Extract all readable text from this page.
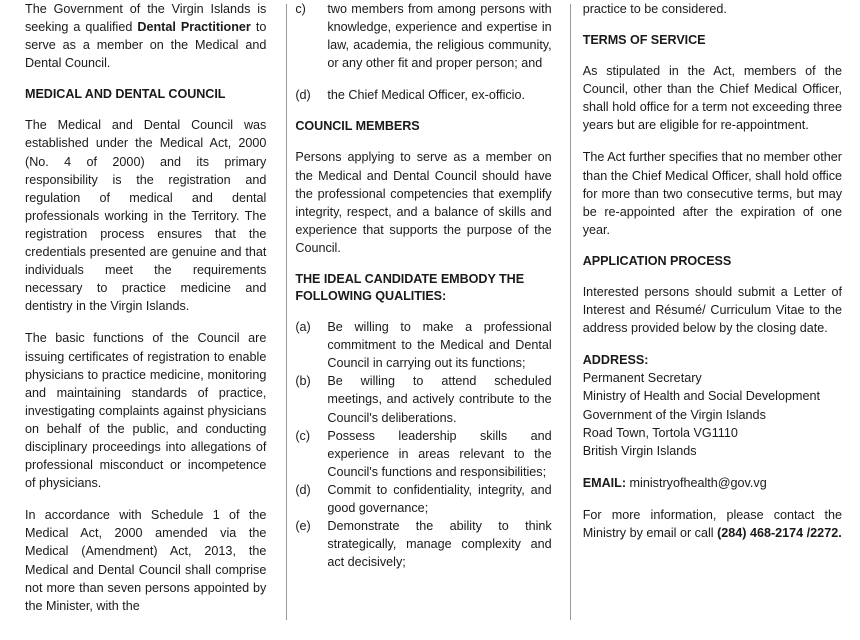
The Government of the Virgin Islands is seeking a qualified Dental Practitioner to serve as a member on the Medical and Dental Council.

MEDICAL AND DENTAL COUNCIL

The Medical and Dental Council was established under the Medical Act, 2000 (No. 4 of 2000) and its primary responsibility is the registration and regulation of medical and dental professionals working in the Territory. The registration process ensures that the credentials presented are genuine and that individuals meet the requirements necessary to practice medicine and dentistry in the Virgin Islands.

The basic functions of the Council are issuing certificates of registration to enable physicians to practice medicine, monitoring and maintaining standards of practice, investigating complaints against physicians on behalf of the public, and conducting disciplinary proceedings into allegations of professional misconduct or incompetence of physicians.

In accordance with Schedule 1 of the Medical Act, 2000 amended via the Medical (Amendment) Act, 2013, the Medical and Dental Council shall comprise not more than seven persons appointed by the Minister, with the

c)	two members from among persons with knowledge, experience and expertise in law, academia, the religious community, or any other fit and proper person; and
(d)	the Chief Medical Officer, ex-officio.
COUNCIL MEMBERS

Persons applying to serve as a member on the Medical and Dental Council should have the professional competencies that exemplify integrity, respect, and a balance of skills and experience that supports the purpose of the Council.

THE IDEAL CANDIDATE EMBODY THE FOLLOWING QUALITIES:
(a)	Be willing to make a professional commitment to the Medical and Dental Council in carrying out its functions;
(b)	Be willing to attend scheduled meetings, and actively contribute to the Council's deliberations.
(c)	Possess leadership skills and experience in areas relevant to the Council's functions and responsibilities;
(d)	Commit to confidentiality, integrity, and good governance;
(e)	Demonstrate the ability to think strategically, manage complexity and act decisively;

practice to be considered.

TERMS OF SERVICE

As stipulated in the Act, members of the Council, other than the Chief Medical Officer, shall hold office for a term not exceeding three years but are eligible for re-appointment.

The Act further specifies that no member other than the Chief Medical Officer, shall hold office for more than two consecutive terms, but may be re-appointed after the expiration of one year.

APPLICATION PROCESS

Interested persons should submit a Letter of Interest and Résumé/ Curriculum Vitae to the address provided below by the closing date.

ADDRESS:
Permanent Secretary
Ministry of Health and Social Development
Government of the Virgin Islands
Road Town, Tortola VG1110
British Virgin Islands

EMAIL: ministryofhealth@gov.vg

For more information, please contact the Ministry by email or call (284) 468-2174 /2272.
